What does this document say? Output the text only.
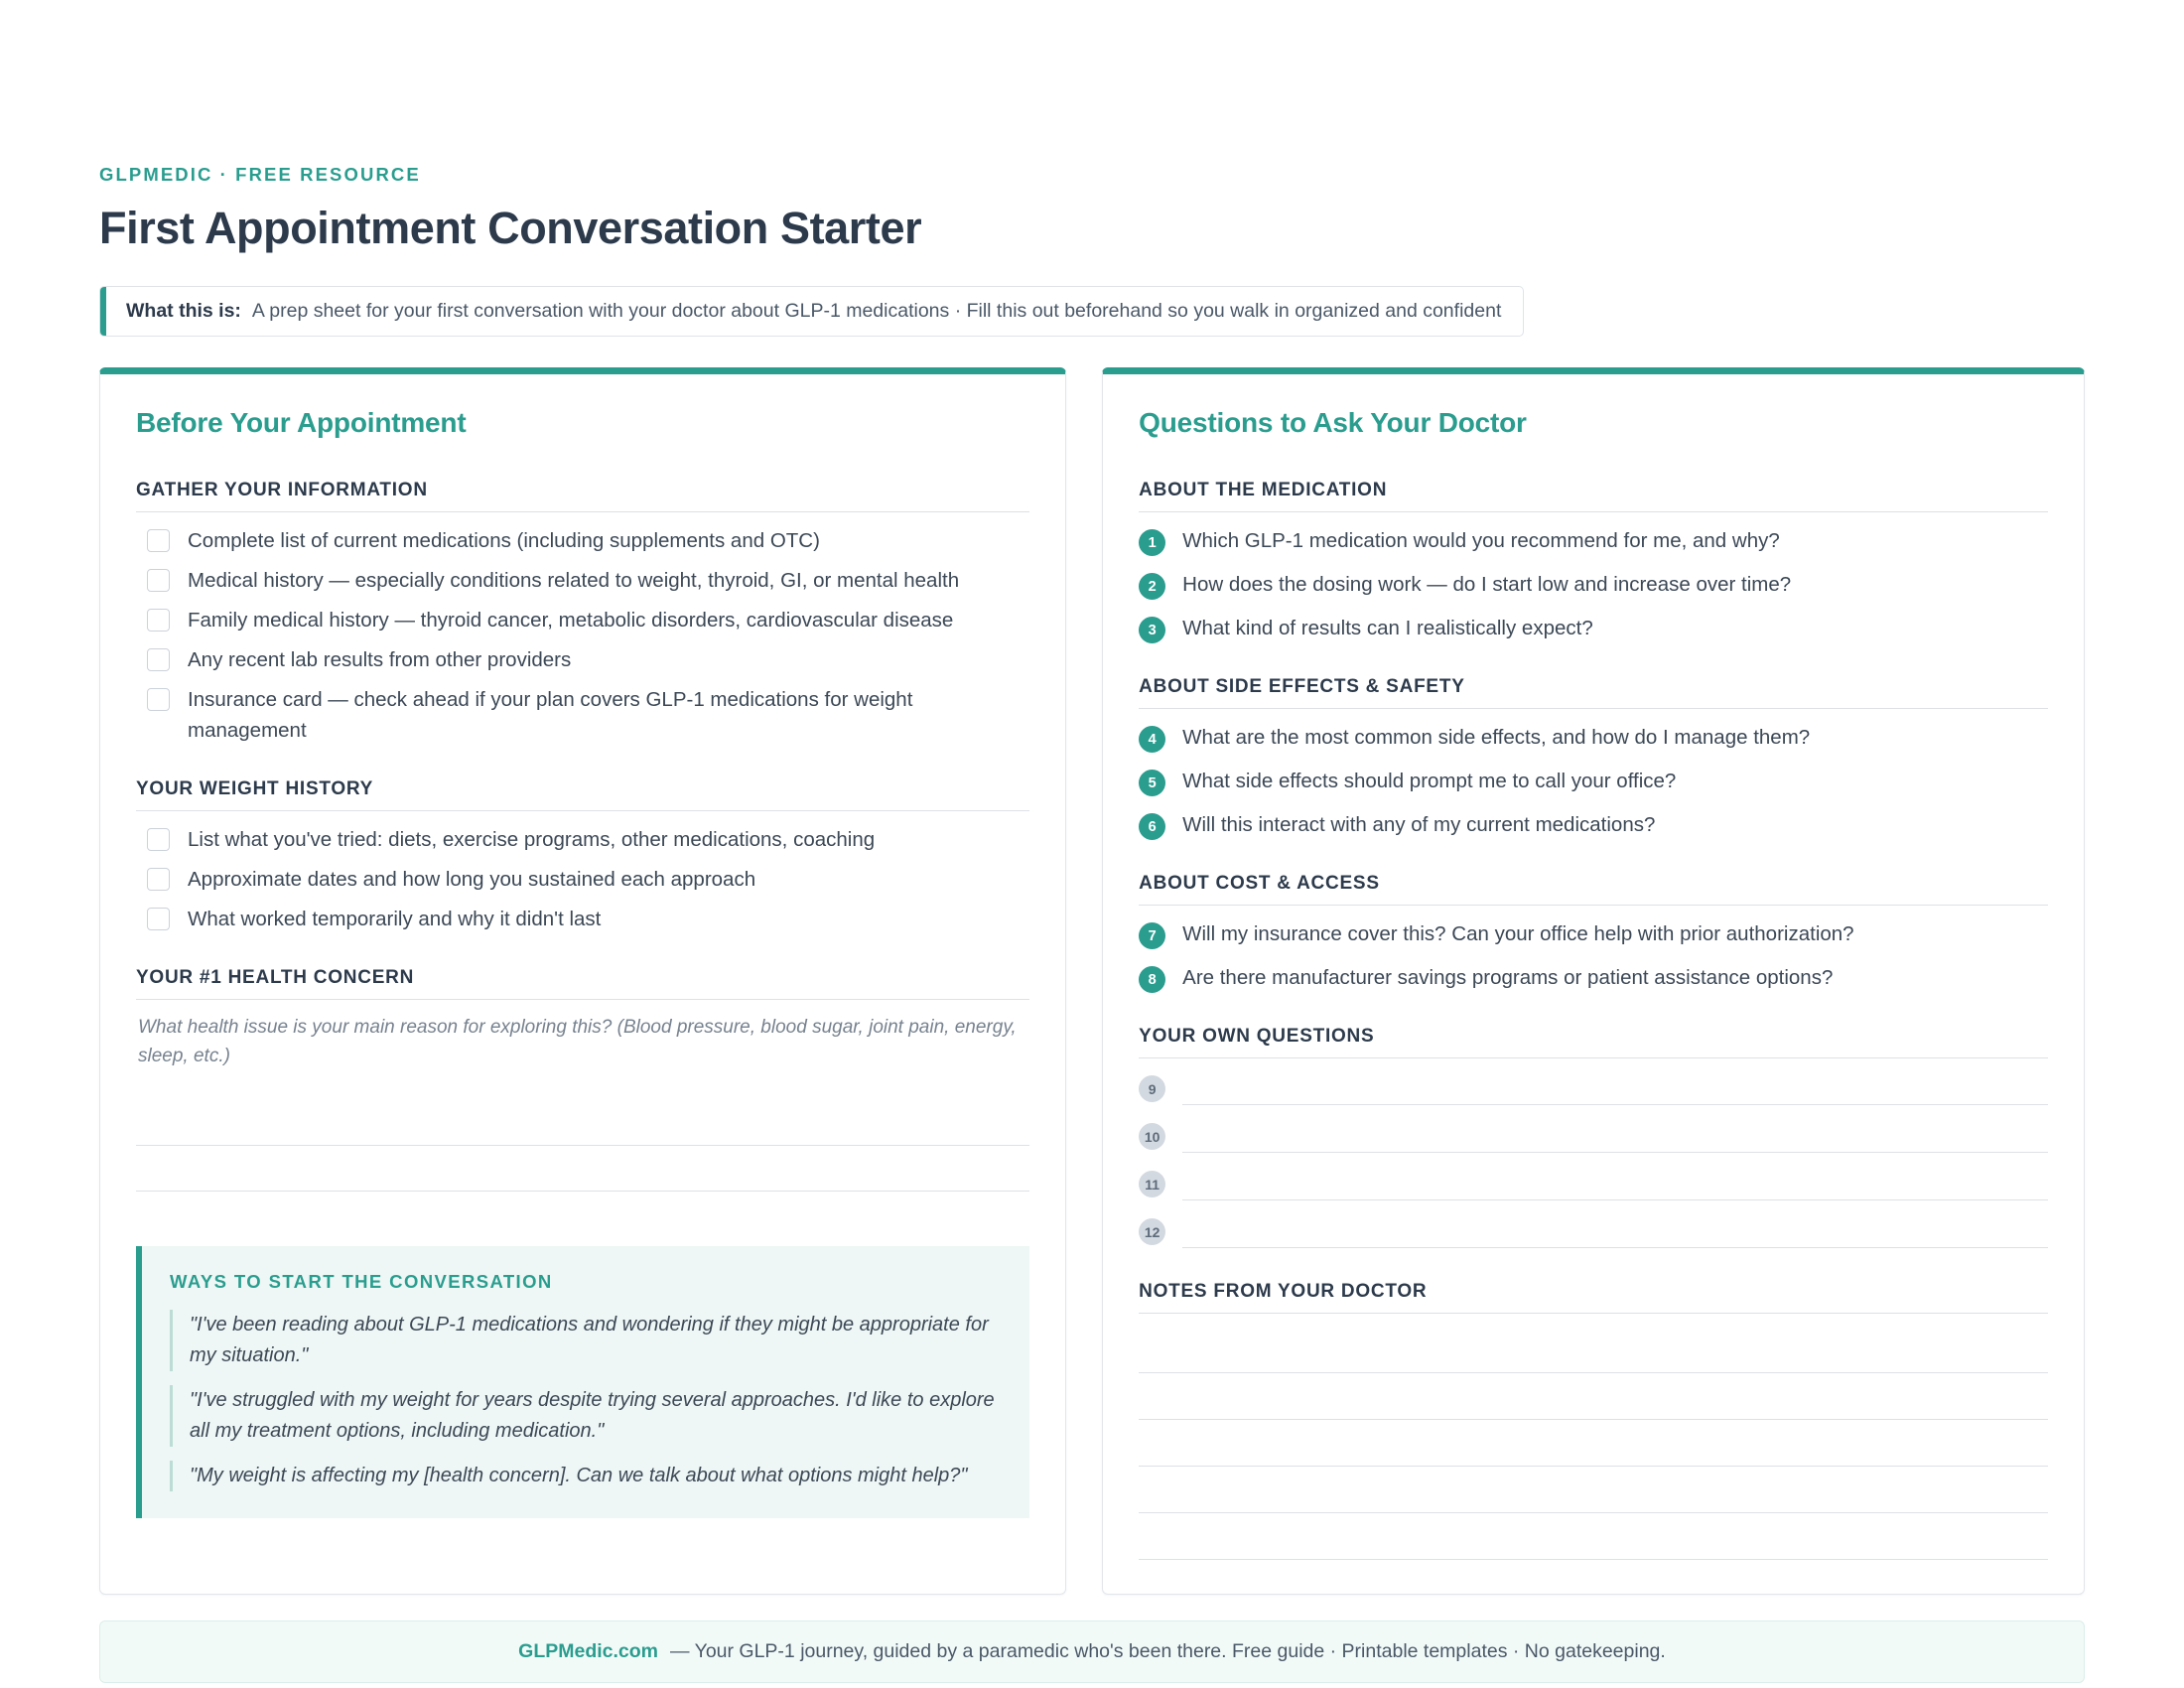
GLPMEDIC · FREE RESOURCE
First Appointment Conversation Starter
What this is: A prep sheet for your first conversation with your doctor about GLP-1 medications · Fill this out beforehand so you walk in organized and confident
Before Your Appointment
GATHER YOUR INFORMATION
Complete list of current medications (including supplements and OTC)
Medical history — especially conditions related to weight, thyroid, GI, or mental health
Family medical history — thyroid cancer, metabolic disorders, cardiovascular disease
Any recent lab results from other providers
Insurance card — check ahead if your plan covers GLP-1 medications for weight management
YOUR WEIGHT HISTORY
List what you've tried: diets, exercise programs, other medications, coaching
Approximate dates and how long you sustained each approach
What worked temporarily and why it didn't last
YOUR #1 HEALTH CONCERN
What health issue is your main reason for exploring this? (Blood pressure, blood sugar, joint pain, energy, sleep, etc.)
WAYS TO START THE CONVERSATION
"I've been reading about GLP-1 medications and wondering if they might be appropriate for my situation."
"I've struggled with my weight for years despite trying several approaches. I'd like to explore all my treatment options, including medication."
"My weight is affecting my [health concern]. Can we talk about what options might help?"
Questions to Ask Your Doctor
ABOUT THE MEDICATION
1	Which GLP-1 medication would you recommend for me, and why?
2	How does the dosing work — do I start low and increase over time?
3	What kind of results can I realistically expect?
ABOUT SIDE EFFECTS & SAFETY
4	What are the most common side effects, and how do I manage them?
5	What side effects should prompt me to call your office?
6	Will this interact with any of my current medications?
ABOUT COST & ACCESS
7	Will my insurance cover this? Can your office help with prior authorization?
8	Are there manufacturer savings programs or patient assistance options?
YOUR OWN QUESTIONS
9
10
11
12
NOTES FROM YOUR DOCTOR
GLPMedic.com — Your GLP-1 journey, guided by a paramedic who's been there. Free guide · Printable templates · No gatekeeping.
